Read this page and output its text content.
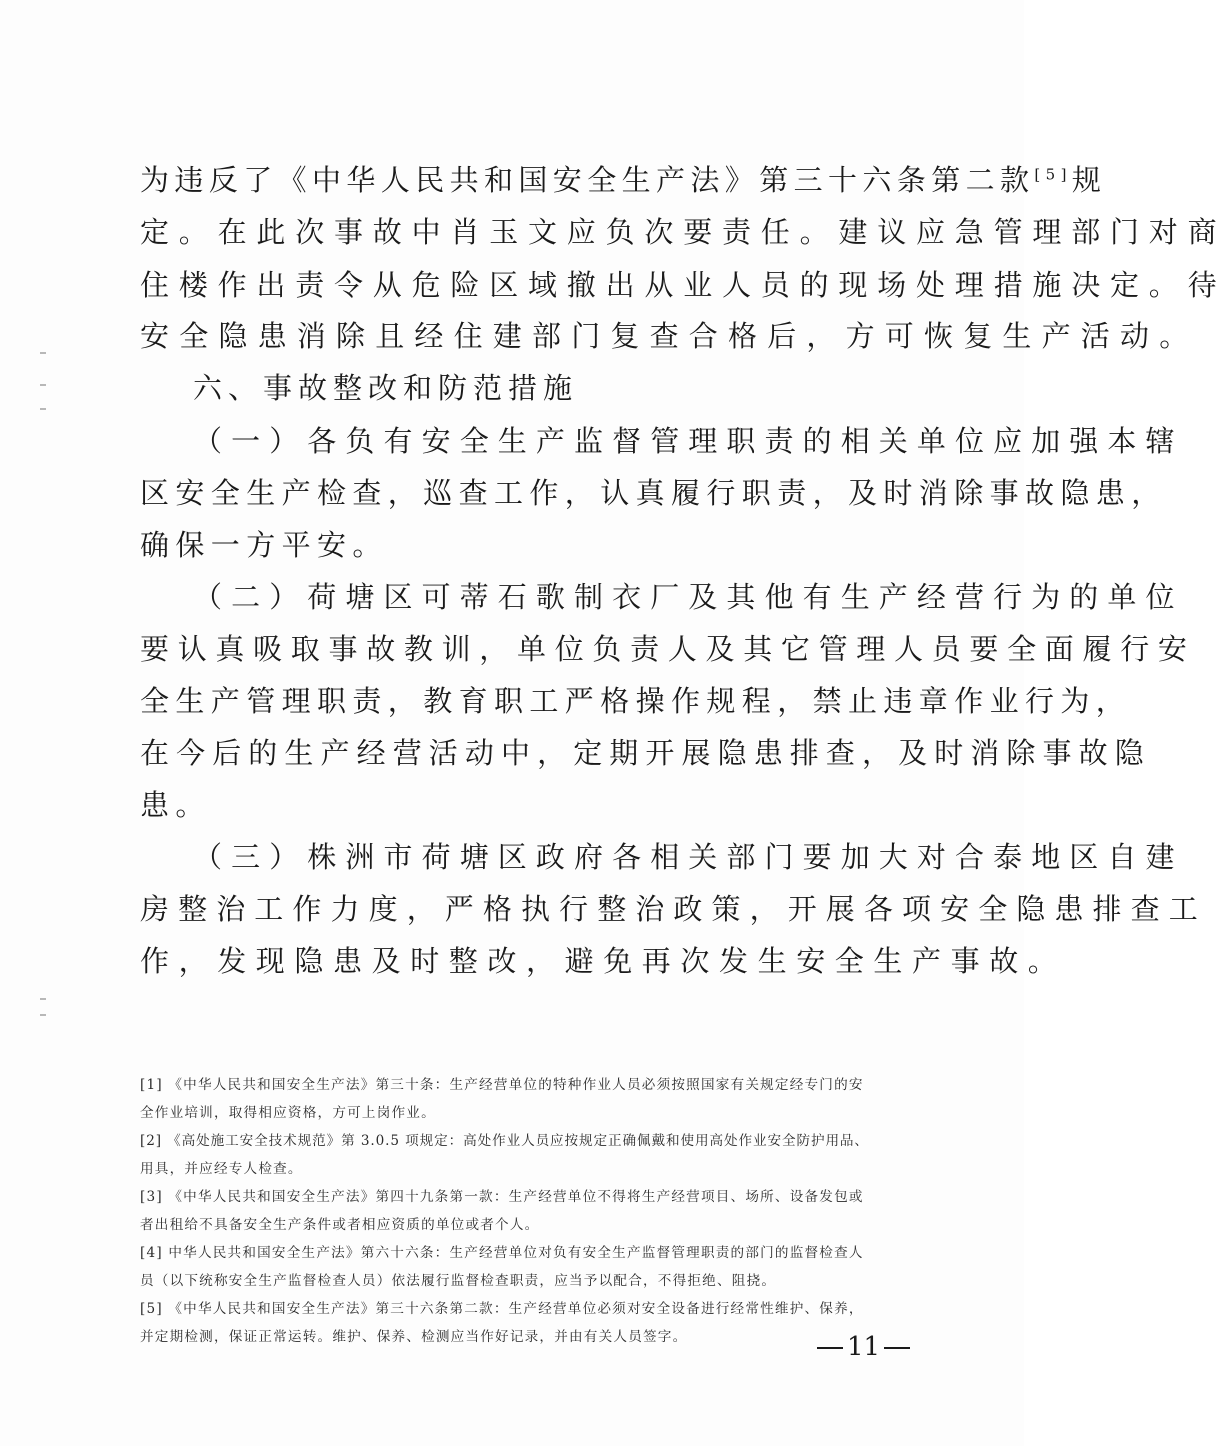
为违反了《中华人民共和国安全生产法》第三十六条第二款[5]规
定。在此次事故中肖玉文应负次要责任。建议应急管理部门对商
住楼作出责令从危险区域撤出从业人员的现场处理措施决定。待
安全隐患消除且经住建部门复查合格后，方可恢复生产活动。
六、事故整改和防范措施
（一）各负有安全生产监督管理职责的相关单位应加强本辖
区安全生产检查，巡查工作，认真履行职责，及时消除事故隐患，
确保一方平安。
（二）荷塘区可蒂石歌制衣厂及其他有生产经营行为的单位
要认真吸取事故教训，单位负责人及其它管理人员要全面履行安
全生产管理职责，教育职工严格操作规程，禁止违章作业行为，
在今后的生产经营活动中，定期开展隐患排查，及时消除事故隐
患。
（三）株洲市荷塘区政府各相关部门要加大对合泰地区自建
房整治工作力度，严格执行整治政策，开展各项安全隐患排查工
作，发现隐患及时整改，避免再次发生安全生产事故。
[1] 《中华人民共和国安全生产法》第三十条：生产经营单位的特种作业人员必须按照国家有关规定经专门的安
全作业培训，取得相应资格，方可上岗作业。
[2] 《高处施工安全技术规范》第 3.0.5 项规定：高处作业人员应按规定正确佩戴和使用高处作业安全防护用品、
用具，并应经专人检查。
[3] 《中华人民共和国安全生产法》第四十九条第一款：生产经营单位不得将生产经营项目、场所、设备发包或
者出租给不具备安全生产条件或者相应资质的单位或者个人。
[4] 中华人民共和国安全生产法》第六十六条：生产经营单位对负有安全生产监督管理职责的部门的监督检查人
员（以下统称安全生产监督检查人员）依法履行监督检查职责，应当予以配合，不得拒绝、阻挠。
[5] 《中华人民共和国安全生产法》第三十六条第二款：生产经营单位必须对安全设备进行经常性维护、保养，
并定期检测，保证正常运转。维护、保养、检测应当作好记录，并由有关人员签字。	11
